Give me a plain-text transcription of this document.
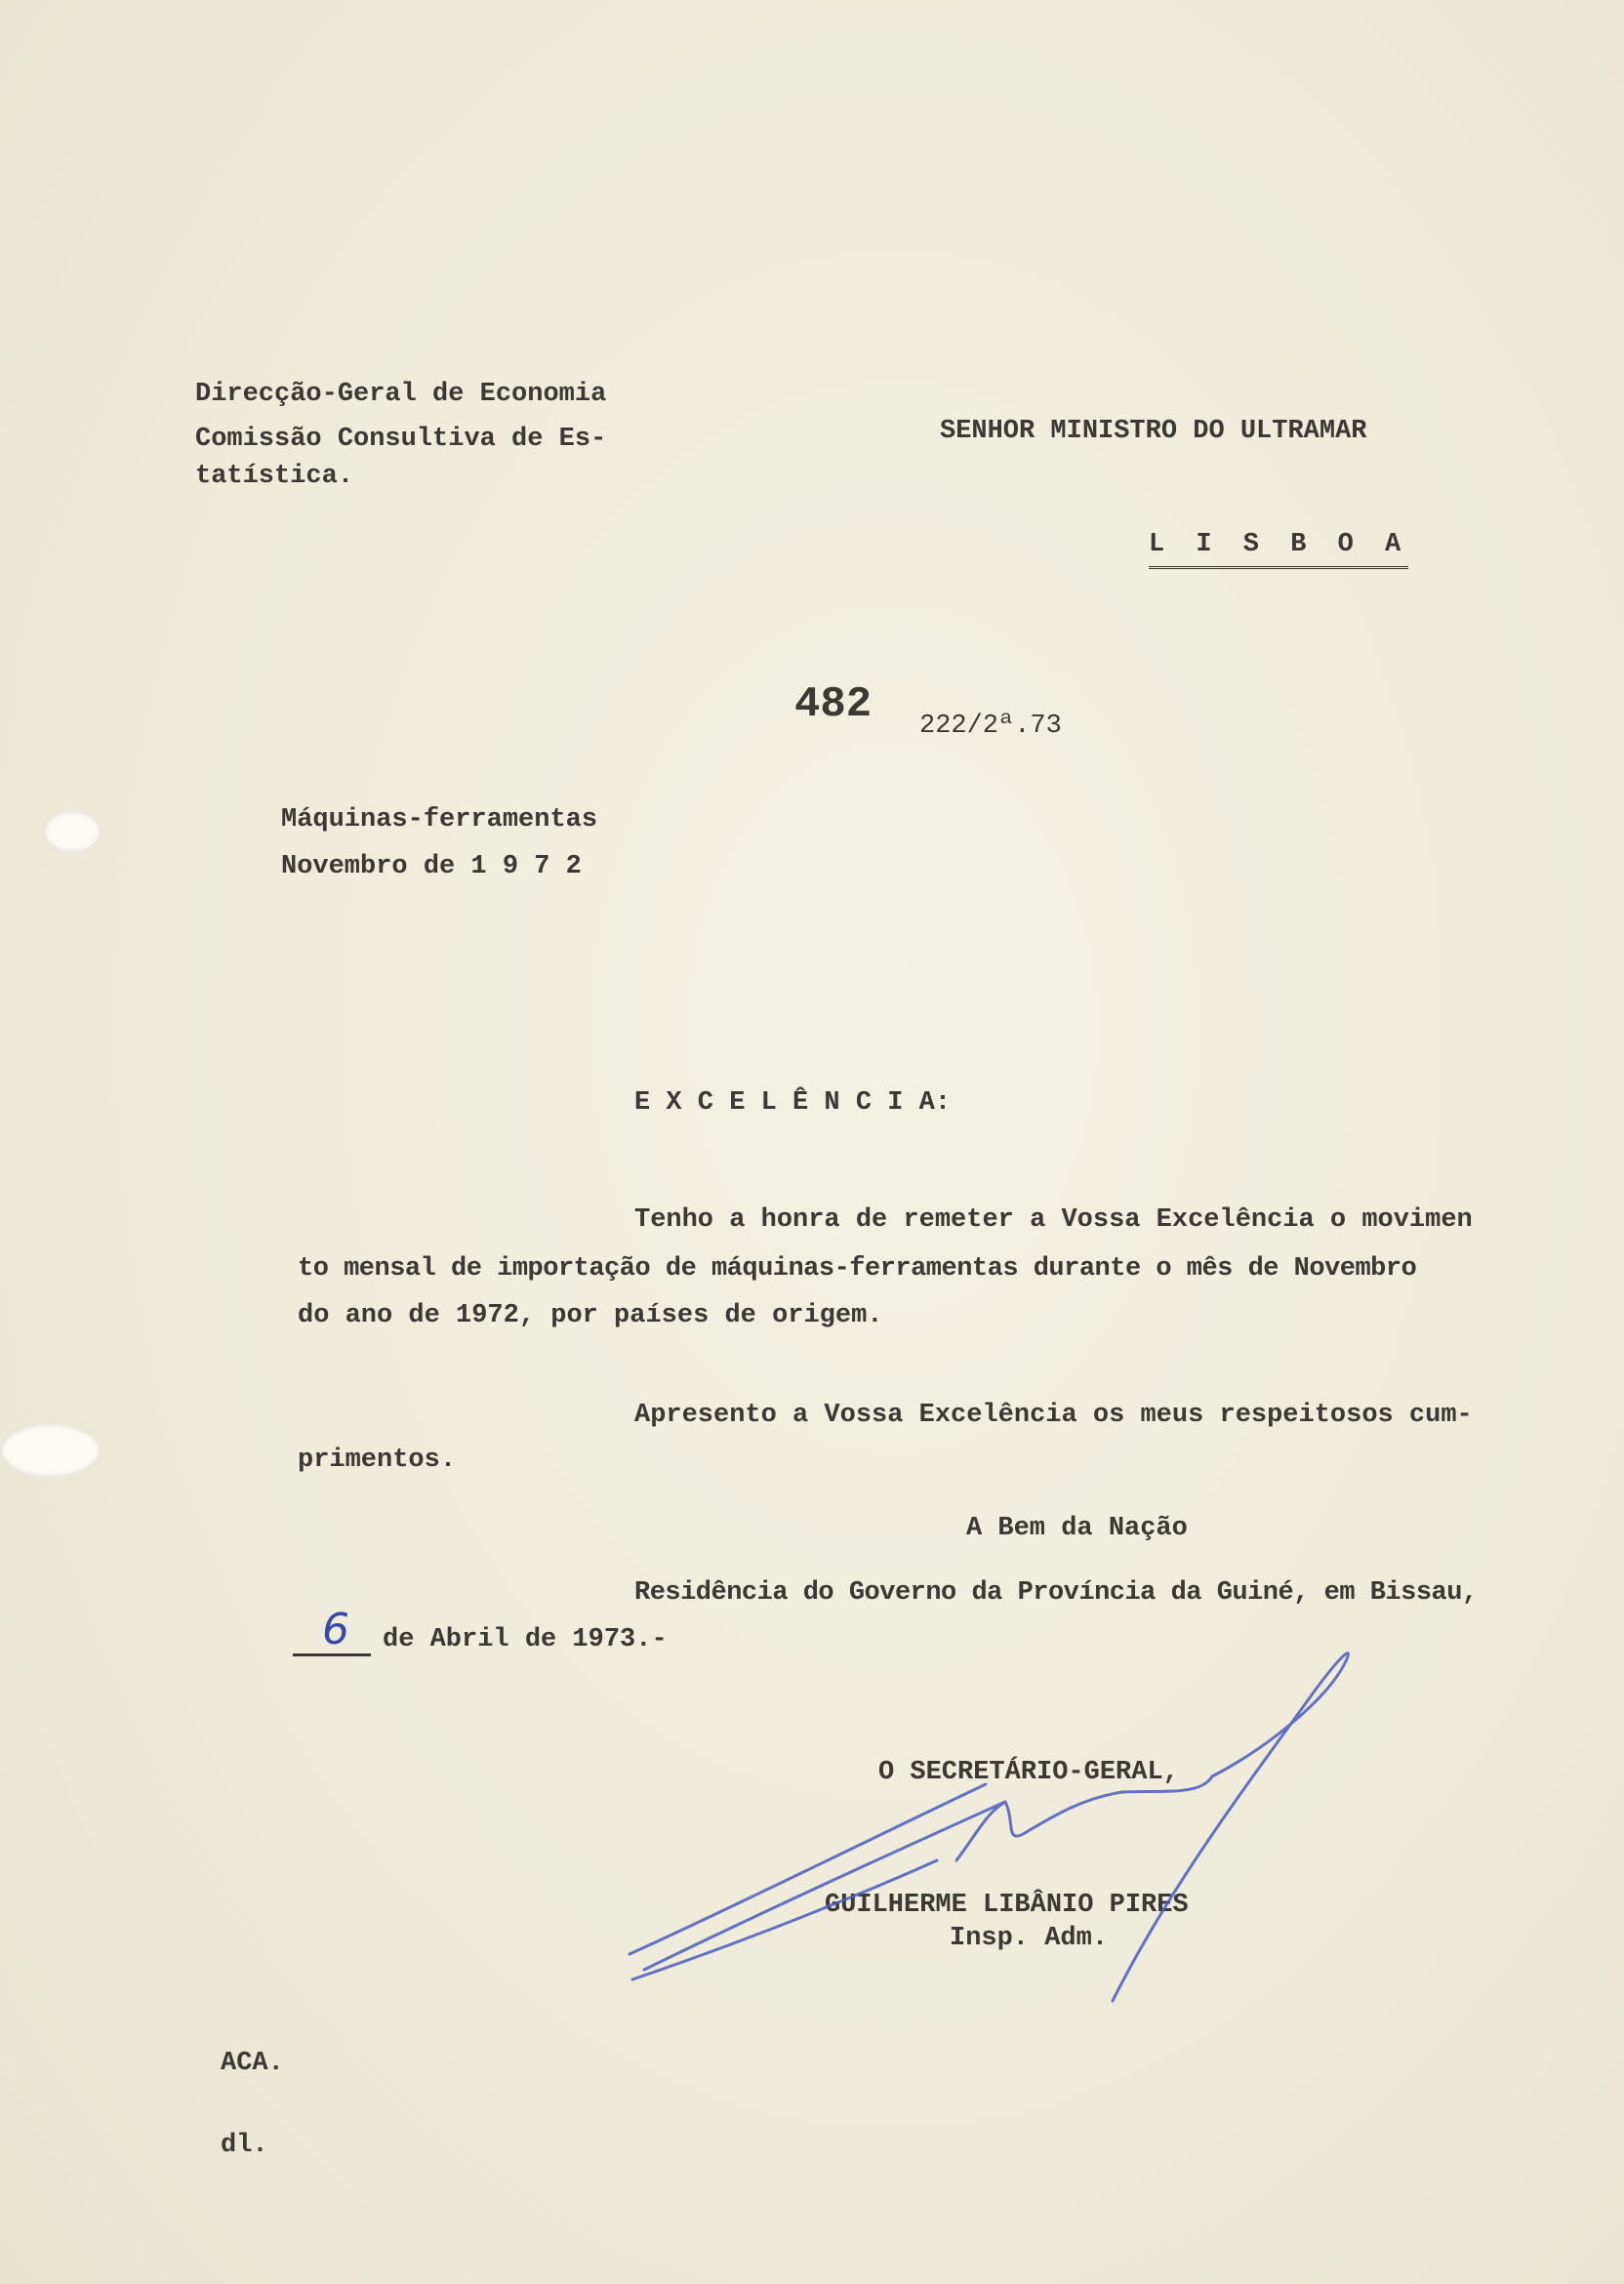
Direcção-Geral de Economia
Comissão Consultiva de Es-
tatística.
SENHOR MINISTRO DO ULTRAMAR
L I S B O A
482 222/2ª.73
Máquinas-ferramentas
Novembro de 1 9 7 2
E X C E L Ê N C I A:
Tenho a honra de remeter a Vossa Excelência o movimen
to mensal de importação de máquinas-ferramentas durante o mês de Novembro
do ano de 1972, por países de origem.
Apresento a Vossa Excelência os meus respeitosos cum-
primentos.
A Bem da Nação
Residência do Governo da Província da Guiné, em Bissau,
6 de Abril de 1973.-
O SECRETÁRIO-GERAL,
GUILHERME LIBÂNIO PIRES
Insp. Adm.
ACA.
dl.
